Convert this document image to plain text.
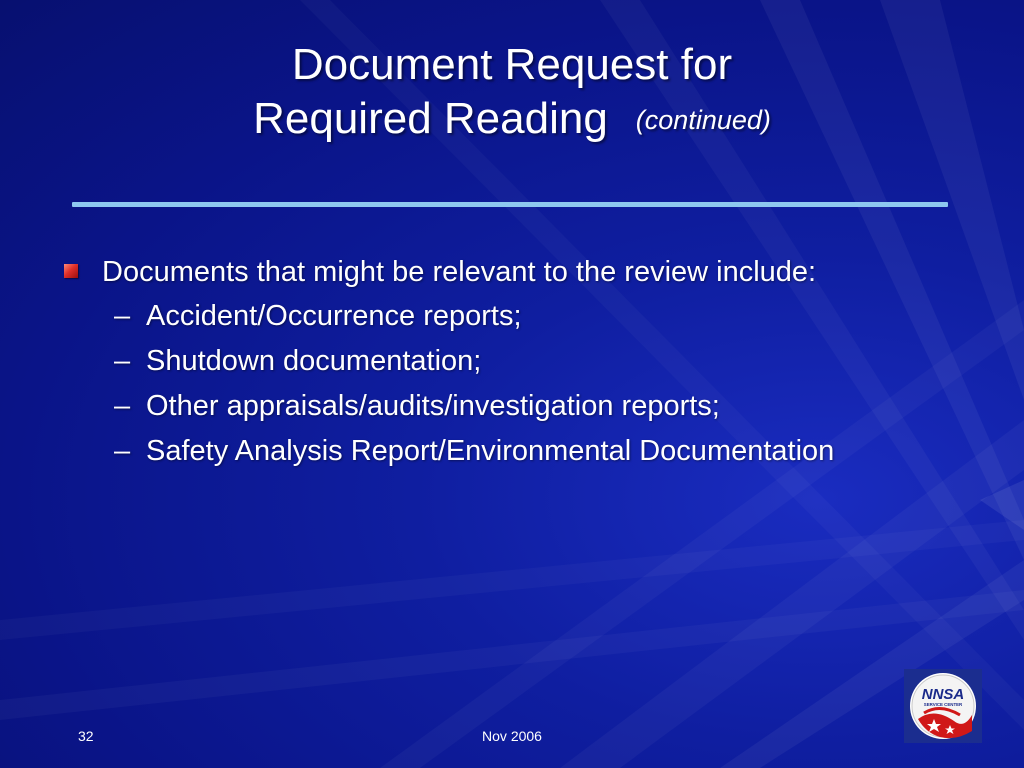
Document Request for
Required Reading (continued)
Documents that might be relevant to the review include:
– Accident/Occurrence reports;
– Shutdown documentation;
– Other appraisals/audits/investigation reports;
– Safety Analysis Report/Environmental Documentation
32	Nov 2006
NNSA
SERVICE CENTER
